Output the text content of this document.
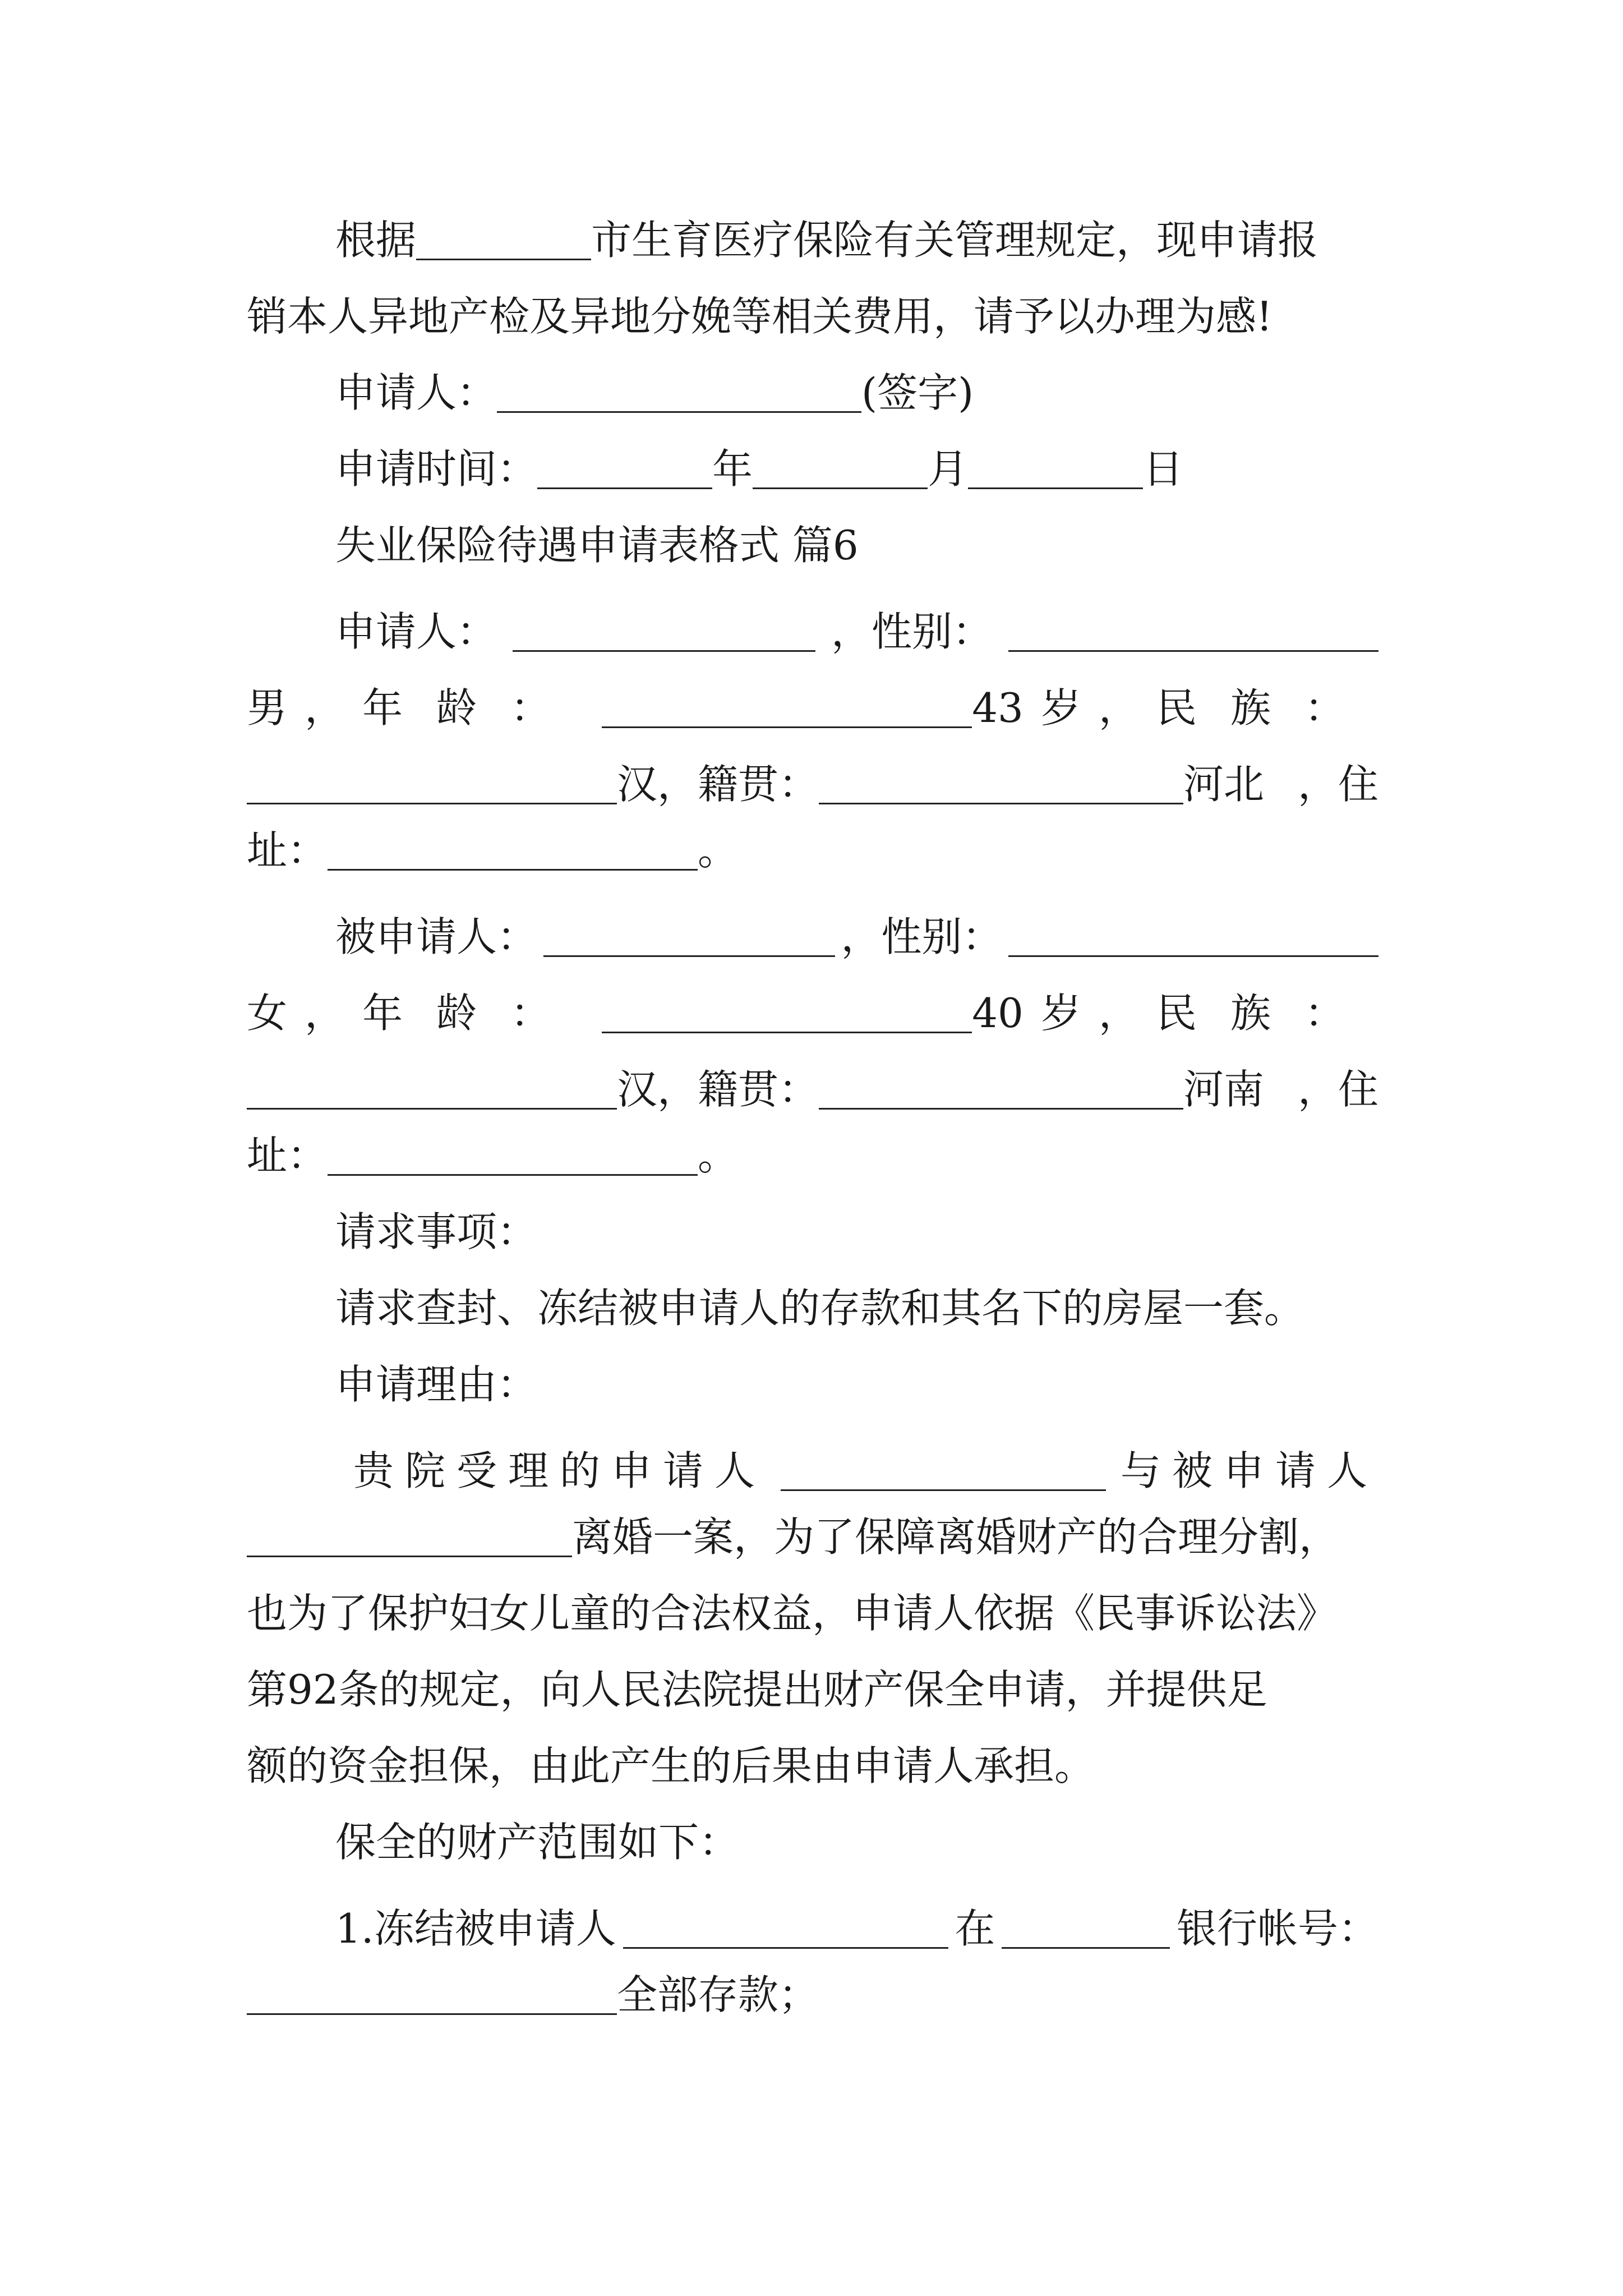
根据	市生育医疗保险有关管理规定，现申请报
销本人异地产检及异地分娩等相关费用，请予以办理为感!
申请人：	(签字)
申请时间：	年	月	日
失业保险待遇申请表格式 篇6
申请人：	，性别：
男 ， 年龄：	43 岁 ， 民族：
汉，籍贯：	河北 ，住
址：	。
被申请人：	，性别：
女 ， 年龄：	40 岁 ， 民族：
汉，籍贯：	河南 ，住
址：	。
请求事项：
请求查封、冻结被申请人的存款和其名下的房屋一套。
申请理由：
贵院受理的申请人	与被申请人
离婚一案，为了保障离婚财产的合理分割，
也为了保护妇女儿童的合法权益，申请人依据《民事诉讼法》
第92条的规定，向人民法院提出财产保全申请，并提供足
额的资金担保，由此产生的后果由申请人承担。
保全的财产范围如下：
1.冻结被申请人	在	银行帐号：
全部存款；
